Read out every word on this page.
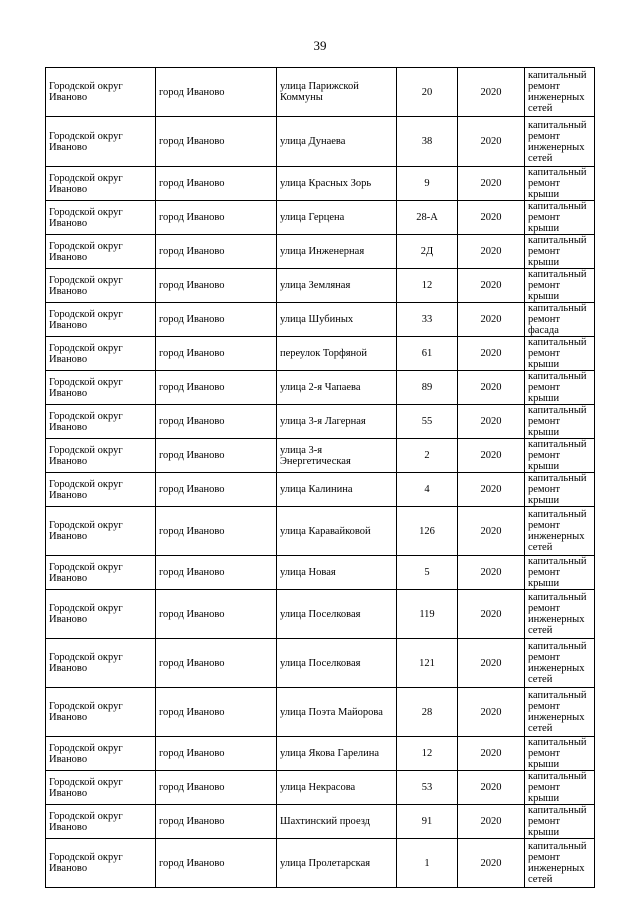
39
Городской округ Иваново	город Иваново	улица Парижской Коммуны	20	2020	капитальный ремонт инженерных сетей
Городской округ Иваново	город Иваново	улица Дунаева	38	2020	капитальный ремонт инженерных сетей
Городской округ Иваново	город Иваново	улица Красных Зорь	9	2020	капитальный ремонт крыши
Городской округ Иваново	город Иваново	улица Герцена	28-А	2020	капитальный ремонт крыши
Городской округ Иваново	город Иваново	улица Инженерная	2Д	2020	капитальный ремонт крыши
Городской округ Иваново	город Иваново	улица Земляная	12	2020	капитальный ремонт крыши
Городской округ Иваново	город Иваново	улица Шубиных	33	2020	капитальный ремонт фасада
Городской округ Иваново	город Иваново	переулок Торфяной	61	2020	капитальный ремонт крыши
Городской округ Иваново	город Иваново	улица 2-я Чапаева	89	2020	капитальный ремонт крыши
Городской округ Иваново	город Иваново	улица 3-я Лагерная	55	2020	капитальный ремонт крыши
Городской округ Иваново	город Иваново	улица 3-я Энергетическая	2	2020	капитальный ремонт крыши
Городской округ Иваново	город Иваново	улица Калинина	4	2020	капитальный ремонт крыши
Городской округ Иваново	город Иваново	улица Каравайковой	126	2020	капитальный ремонт инженерных сетей
Городской округ Иваново	город Иваново	улица Новая	5	2020	капитальный ремонт крыши
Городской округ Иваново	город Иваново	улица Поселковая	119	2020	капитальный ремонт инженерных сетей
Городской округ Иваново	город Иваново	улица Поселковая	121	2020	капитальный ремонт инженерных сетей
Городской округ Иваново	город Иваново	улица Поэта Майорова	28	2020	капитальный ремонт инженерных сетей
Городской округ Иваново	город Иваново	улица Якова Гарелина	12	2020	капитальный ремонт крыши
Городской округ Иваново	город Иваново	улица Некрасова	53	2020	капитальный ремонт крыши
Городской округ Иваново	город Иваново	Шахтинский проезд	91	2020	капитальный ремонт крыши
Городской округ Иваново	город Иваново	улица Пролетарская	1	2020	капитальный ремонт инженерных сетей
